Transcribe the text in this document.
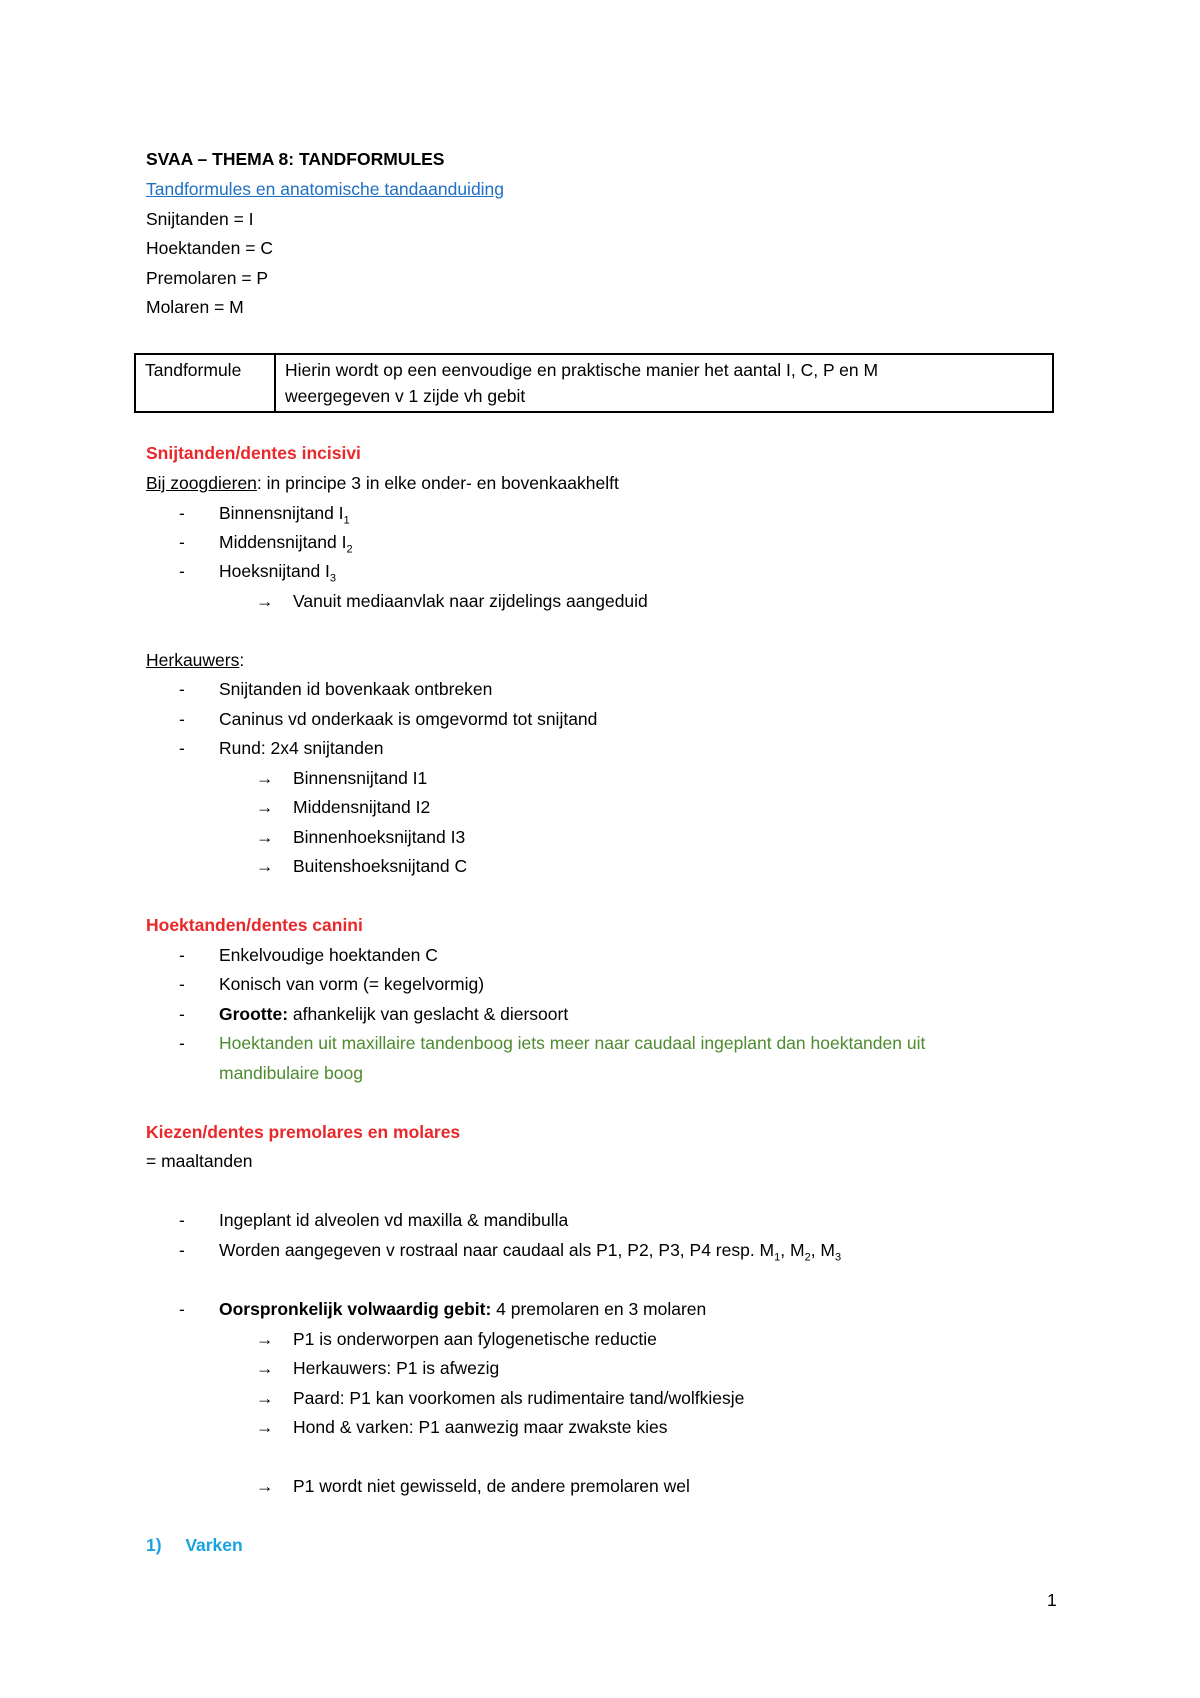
SVAA – THEMA 8: TANDFORMULES
Tandformules en anatomische tandaanduiding
Snijtanden = I
Hoektanden = C
Premolaren = P
Molaren = M
Tandformule	Hierin wordt op een eenvoudige en praktische manier het aantal I, C, P en M
weergegeven v 1 zijde vh gebit
Snijtanden/dentes incisivi
Bij zoogdieren: in principe 3 in elke onder- en bovenkaakhelft
- Binnensnijtand $I_1$
- Middensnijtand $I_2$
- Hoeksnijtand $I_3$
→ Vanuit mediaanvlak naar zijdelings aangeduid
Herkauwers:
- Snijtanden id bovenkaak ontbreken
- Caninus vd onderkaak is omgevormd tot snijtand
- Rund: 2x4 snijtanden
→ Binnensnijtand I1
→ Middensnijtand I2
→ Binnenhoeksnijtand I3
→ Buitenshoeksnijtand C
Hoektanden/dentes canini
- Enkelvoudige hoektanden C
- Konisch van vorm (= kegelvormig)
- Grootte: afhankelijk van geslacht & diersoort
- Hoektanden uit maxillaire tandenboog iets meer naar caudaal ingeplant dan hoektanden uit
mandibulaire boog
Kiezen/dentes premolares en molares
= maaltanden
- Ingeplant id alveolen vd maxilla & mandibulla
- Worden aangegeven v rostraal naar caudaal als P1, P2, P3, P4 resp. $M_1$, $M_2$, $M_3$
- Oorspronkelijk volwaardig gebit: 4 premolaren en 3 molaren
→ P1 is onderworpen aan fylogenetische reductie
→ Herkauwers: P1 is afwezig
→ Paard: P1 kan voorkomen als rudimentaire tand/wolfkiesje
→ Hond & varken: P1 aanwezig maar zwakste kies
→ P1 wordt niet gewisseld, de andere premolaren wel
1) Varken
1
